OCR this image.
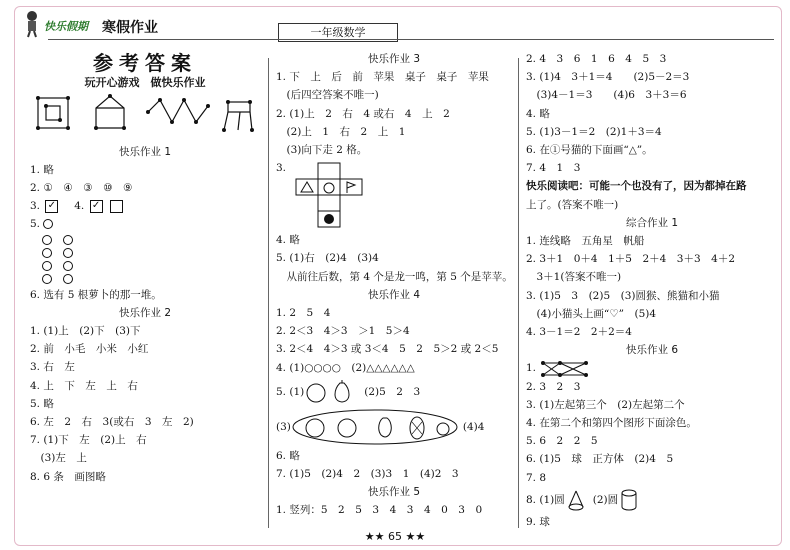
快乐假期 寒假作业	一年级数学
参考答案
玩开心游戏　做快乐作业
快乐作业 1
1. 略
2. ①　④　③　⑩　⑨
3. ✓ 　4. ✓
5.

6. 选有 5 根萝卜的那一堆。
快乐作业 2
1. (1)上　(2)下　(3)下
2. 前　小毛　小米　小红
3. 右　左
4. 上　下　左　上　右
5. 略
6. 左　2　右　3(或右　3　左　2)
7. (1)下　左　(2)上　右
　(3)左　上
8. 6 条　画图略
快乐作业 3
1. 下　上　后　前　苹果　桌子　桌子　苹果
　(后四空答案不唯一)
2. (1)上　2　右　4 或右　4　上　2
　(2)上　1　右　2　上　1
　(3)向下走 2 格。
3.
4. 略
5. (1)右　(2)4　(3)4
　从前往后数，第 4 个是龙一鸣，第 5 个是苹苹。
快乐作业 4
1. 2　5　4
2. 2＜3　4＞3　＞1　5＞4
3. 2＜4　4＞3 或 3＜4　5　2　5＞2 或 2＜5
4. (1)○○○○　(2)△△△△△△
5. (1)	(2)5　2　3
(3)	(4)4
6. 略
7. (1)5　(2)4　2　(3)3　1　(4)2　3
快乐作业 5
1. 竖列：5　2　5　3　4　3　4　0　3　0
2. 4　3　6　1　6　4　5　3
3. (1)4　3＋1＝4　　(2)5－2＝3
　(3)4－1＝3　　(4)6　3＋3＝6
4. 略
5. (1)3－1＝2　(2)1＋3＝4
6. 在①号猫的下面画“△”。
7. 4　1　3
快乐阅读吧：可能一个也没有了，因为都掉在路
上了。(答案不唯一)
综合作业 1
1. 连线略　五角星　帆船
2. 3＋1　0＋4　1＋5　2＋4　3＋3　4＋2
　3＋1(答案不唯一)
3. (1)5　3　(2)5　(3)圆猴、熊猫和小猫
　(4)小猫头上画“♡”　(5)4
4. 3－1＝2　2＋2＝4
快乐作业 6
1.
2. 3　2　3
3. (1)左起第三个　(2)左起第二个
4. 在第二个和第四个图形下面涂色。
5. 6　2　2　5
6. (1)5　球　正方体　(2)4　5
7. 8
8. (1)圆	(2)圆
9. 球
★★ 65 ★★
